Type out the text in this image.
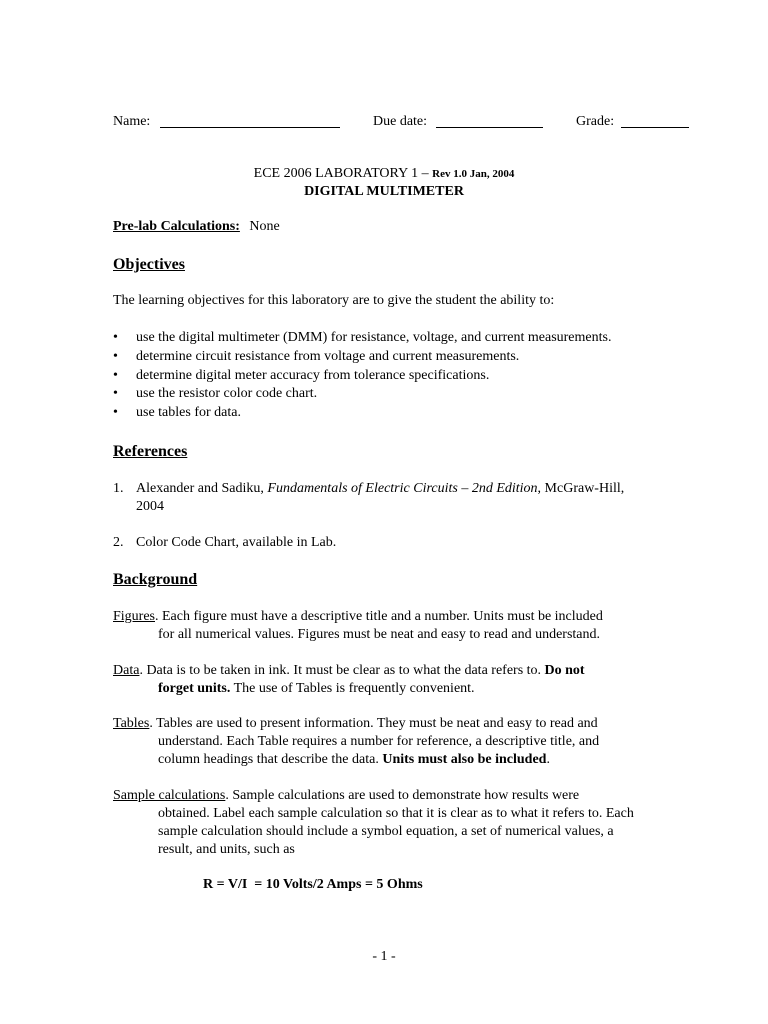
Name:	Due date:	Grade:
ECE 2006 LABORATORY 1 – Rev 1.0 Jan, 2004
DIGITAL MULTIMETER
Pre-lab Calculations: None
Objectives
The learning objectives for this laboratory are to give the student the ability to:
• use the digital multimeter (DMM) for resistance, voltage, and current measurements.
• determine circuit resistance from voltage and current measurements.
• determine digital meter accuracy from tolerance specifications.
• use the resistor color code chart.
• use tables for data.
References
1. Alexander and Sadiku, Fundamentals of Electric Circuits – 2nd Edition, McGraw-Hill, 2004
2. Color Code Chart, available in Lab.
Background
Figures. Each figure must have a descriptive title and a number. Units must be included
for all numerical values. Figures must be neat and easy to read and understand.
Data. Data is to be taken in ink. It must be clear as to what the data refers to. Do not
forget units. The use of Tables is frequently convenient.
Tables. Tables are used to present information. They must be neat and easy to read and
understand. Each Table requires a number for reference, a descriptive title, and column headings that describe the data. Units must also be included.
Sample calculations. Sample calculations are used to demonstrate how results were
obtained. Label each sample calculation so that it is clear as to what it refers to. Each sample calculation should include a symbol equation, a set of numerical values, a result, and units, such as
R = V/I  = 10 Volts/2 Amps = 5 Ohms
- 1 -
